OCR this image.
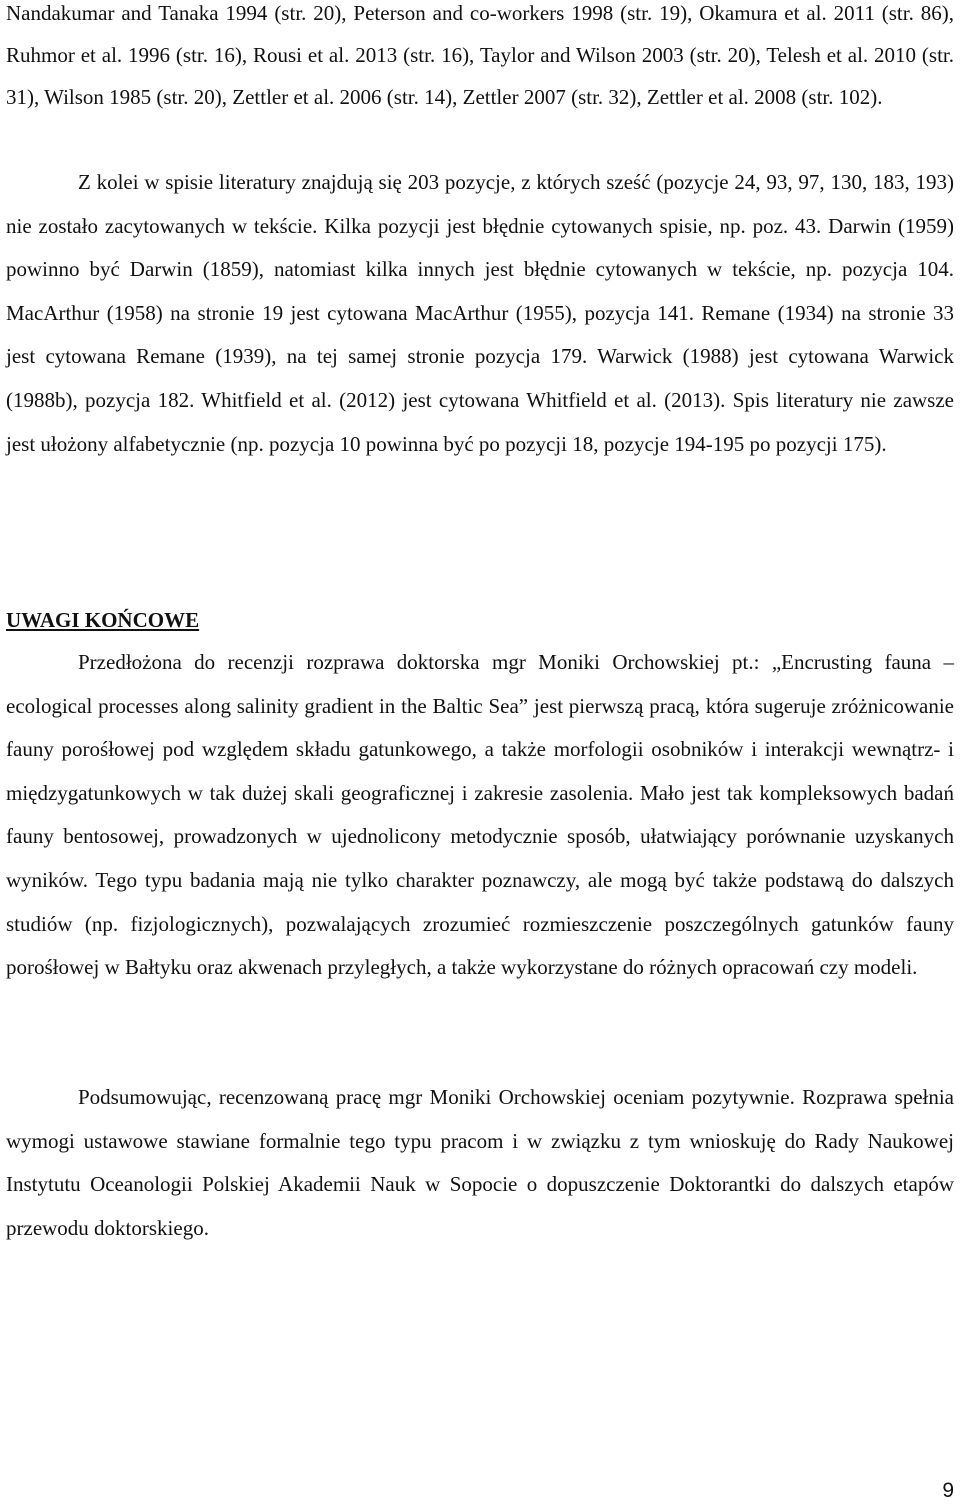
Nandakumar and Tanaka 1994 (str. 20), Peterson and co-workers 1998 (str. 19), Okamura et al. 2011 (str. 86), Ruhmor et al. 1996 (str. 16), Rousi et al. 2013 (str. 16), Taylor and Wilson 2003 (str. 20), Telesh et al. 2010 (str. 31), Wilson 1985 (str. 20), Zettler et al. 2006 (str. 14), Zettler 2007 (str. 32), Zettler et al. 2008 (str. 102).

Z kolei w spisie literatury znajdują się 203 pozycje, z których sześć (pozycje 24, 93, 97, 130, 183, 193) nie zostało zacytowanych w tekście. Kilka pozycji jest błędnie cytowanych spisie, np. poz. 43. Darwin (1959) powinno być Darwin (1859), natomiast kilka innych jest błędnie cytowanych w tekście, np. pozycja 104. MacArthur (1958) na stronie 19 jest cytowana MacArthur (1955), pozycja 141. Remane (1934) na stronie 33 jest cytowana Remane (1939), na tej samej stronie pozycja 179. Warwick (1988) jest cytowana Warwick (1988b), pozycja 182. Whitfield et al. (2012) jest cytowana Whitfield et al. (2013). Spis literatury nie zawsze jest ułożony alfabetycznie (np. pozycja 10 powinna być po pozycji 18, pozycje 194-195 po pozycji 175).

UWAGI KOŃCOWE

Przedłożona do recenzji rozprawa doktorska mgr Moniki Orchowskiej pt.: „Encrusting fauna – ecological processes along salinity gradient in the Baltic Sea” jest pierwszą pracą, która sugeruje zróżnicowanie fauny porośłowej pod względem składu gatunkowego, a także morfologii osobników i interakcji wewnątrz- i międzygatunkowych w tak dużej skali geograficznej i zakresie zasolenia. Mało jest tak kompleksowych badań fauny bentosowej, prowadzonych w ujednolicony metodycznie sposób, ułatwiający porównanie uzyskanych wyników. Tego typu badania mają nie tylko charakter poznawczy, ale mogą być także podstawą do dalszych studiów (np. fizjologicznych), pozwalających zrozumieć rozmieszczenie poszczególnych gatunków fauny porośłowej w Bałtyku oraz akwenach przyległych, a także wykorzystane do różnych opracowań czy modeli.

Podsumowując, recenzowaną pracę mgr Moniki Orchowskiej oceniam pozytywnie. Rozprawa spełnia wymogi ustawowe stawiane formalnie tego typu pracom i w związku z tym wnioskuję do Rady Naukowej Instytutu Oceanologii Polskiej Akademii Nauk w Sopocie o dopuszczenie Doktorantki do dalszych etapów przewodu doktorskiego.

9
